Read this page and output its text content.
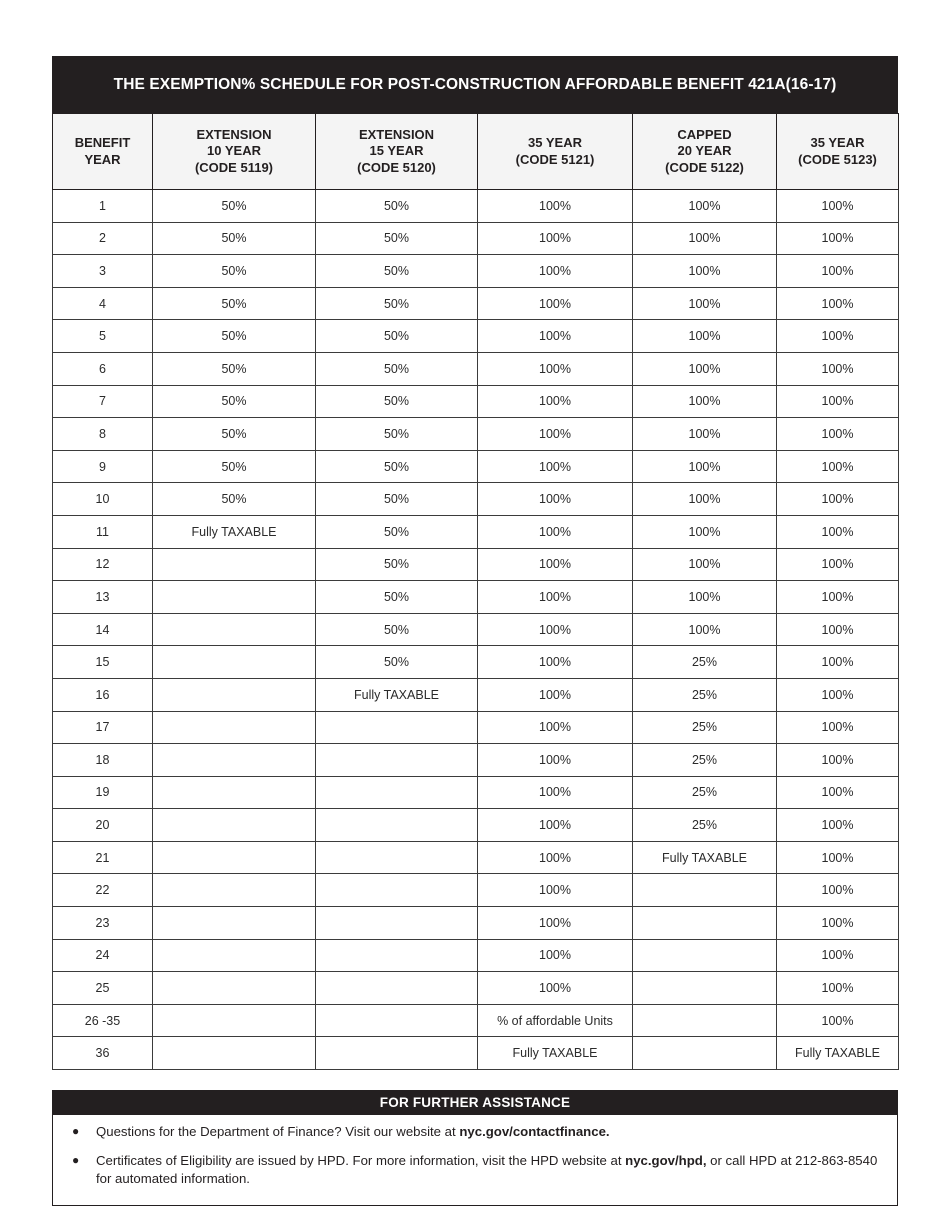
THE EXEMPTION% SCHEDULE FOR POST-CONSTRUCTION AFFORDABLE BENEFIT 421A(16-17)
BENEFIT
YEAR	EXTENSION
10 YEAR
(CODE 5119)	EXTENSION
15 YEAR
(CODE 5120)	35 YEAR
(CODE 5121)	CAPPED
20 YEAR
(CODE 5122)	35 YEAR
(CODE 5123)
1	50%	50%	100%	100%	100%
2	50%	50%	100%	100%	100%
3	50%	50%	100%	100%	100%
4	50%	50%	100%	100%	100%
5	50%	50%	100%	100%	100%
6	50%	50%	100%	100%	100%
7	50%	50%	100%	100%	100%
8	50%	50%	100%	100%	100%
9	50%	50%	100%	100%	100%
10	50%	50%	100%	100%	100%
11	Fully TAXABLE	50%	100%	100%	100%
12		50%	100%	100%	100%
13		50%	100%	100%	100%
14		50%	100%	100%	100%
15		50%	100%	25%	100%
16		Fully TAXABLE	100%	25%	100%
17			100%	25%	100%
18			100%	25%	100%
19			100%	25%	100%
20			100%	25%	100%
21			100%	Fully TAXABLE	100%
22			100%		100%
23			100%		100%
24			100%		100%
25			100%		100%
26 -35			% of affordable Units		100%
36			Fully TAXABLE		Fully TAXABLE
FOR FURTHER ASSISTANCE
●	Questions for the Department of Finance? Visit our website at nyc.gov/contactfinance.
●	Certificates of Eligibility are issued by HPD. For more information, visit the HPD website at nyc.gov/hpd, or call HPD at 212-863-8540 for automated information.
